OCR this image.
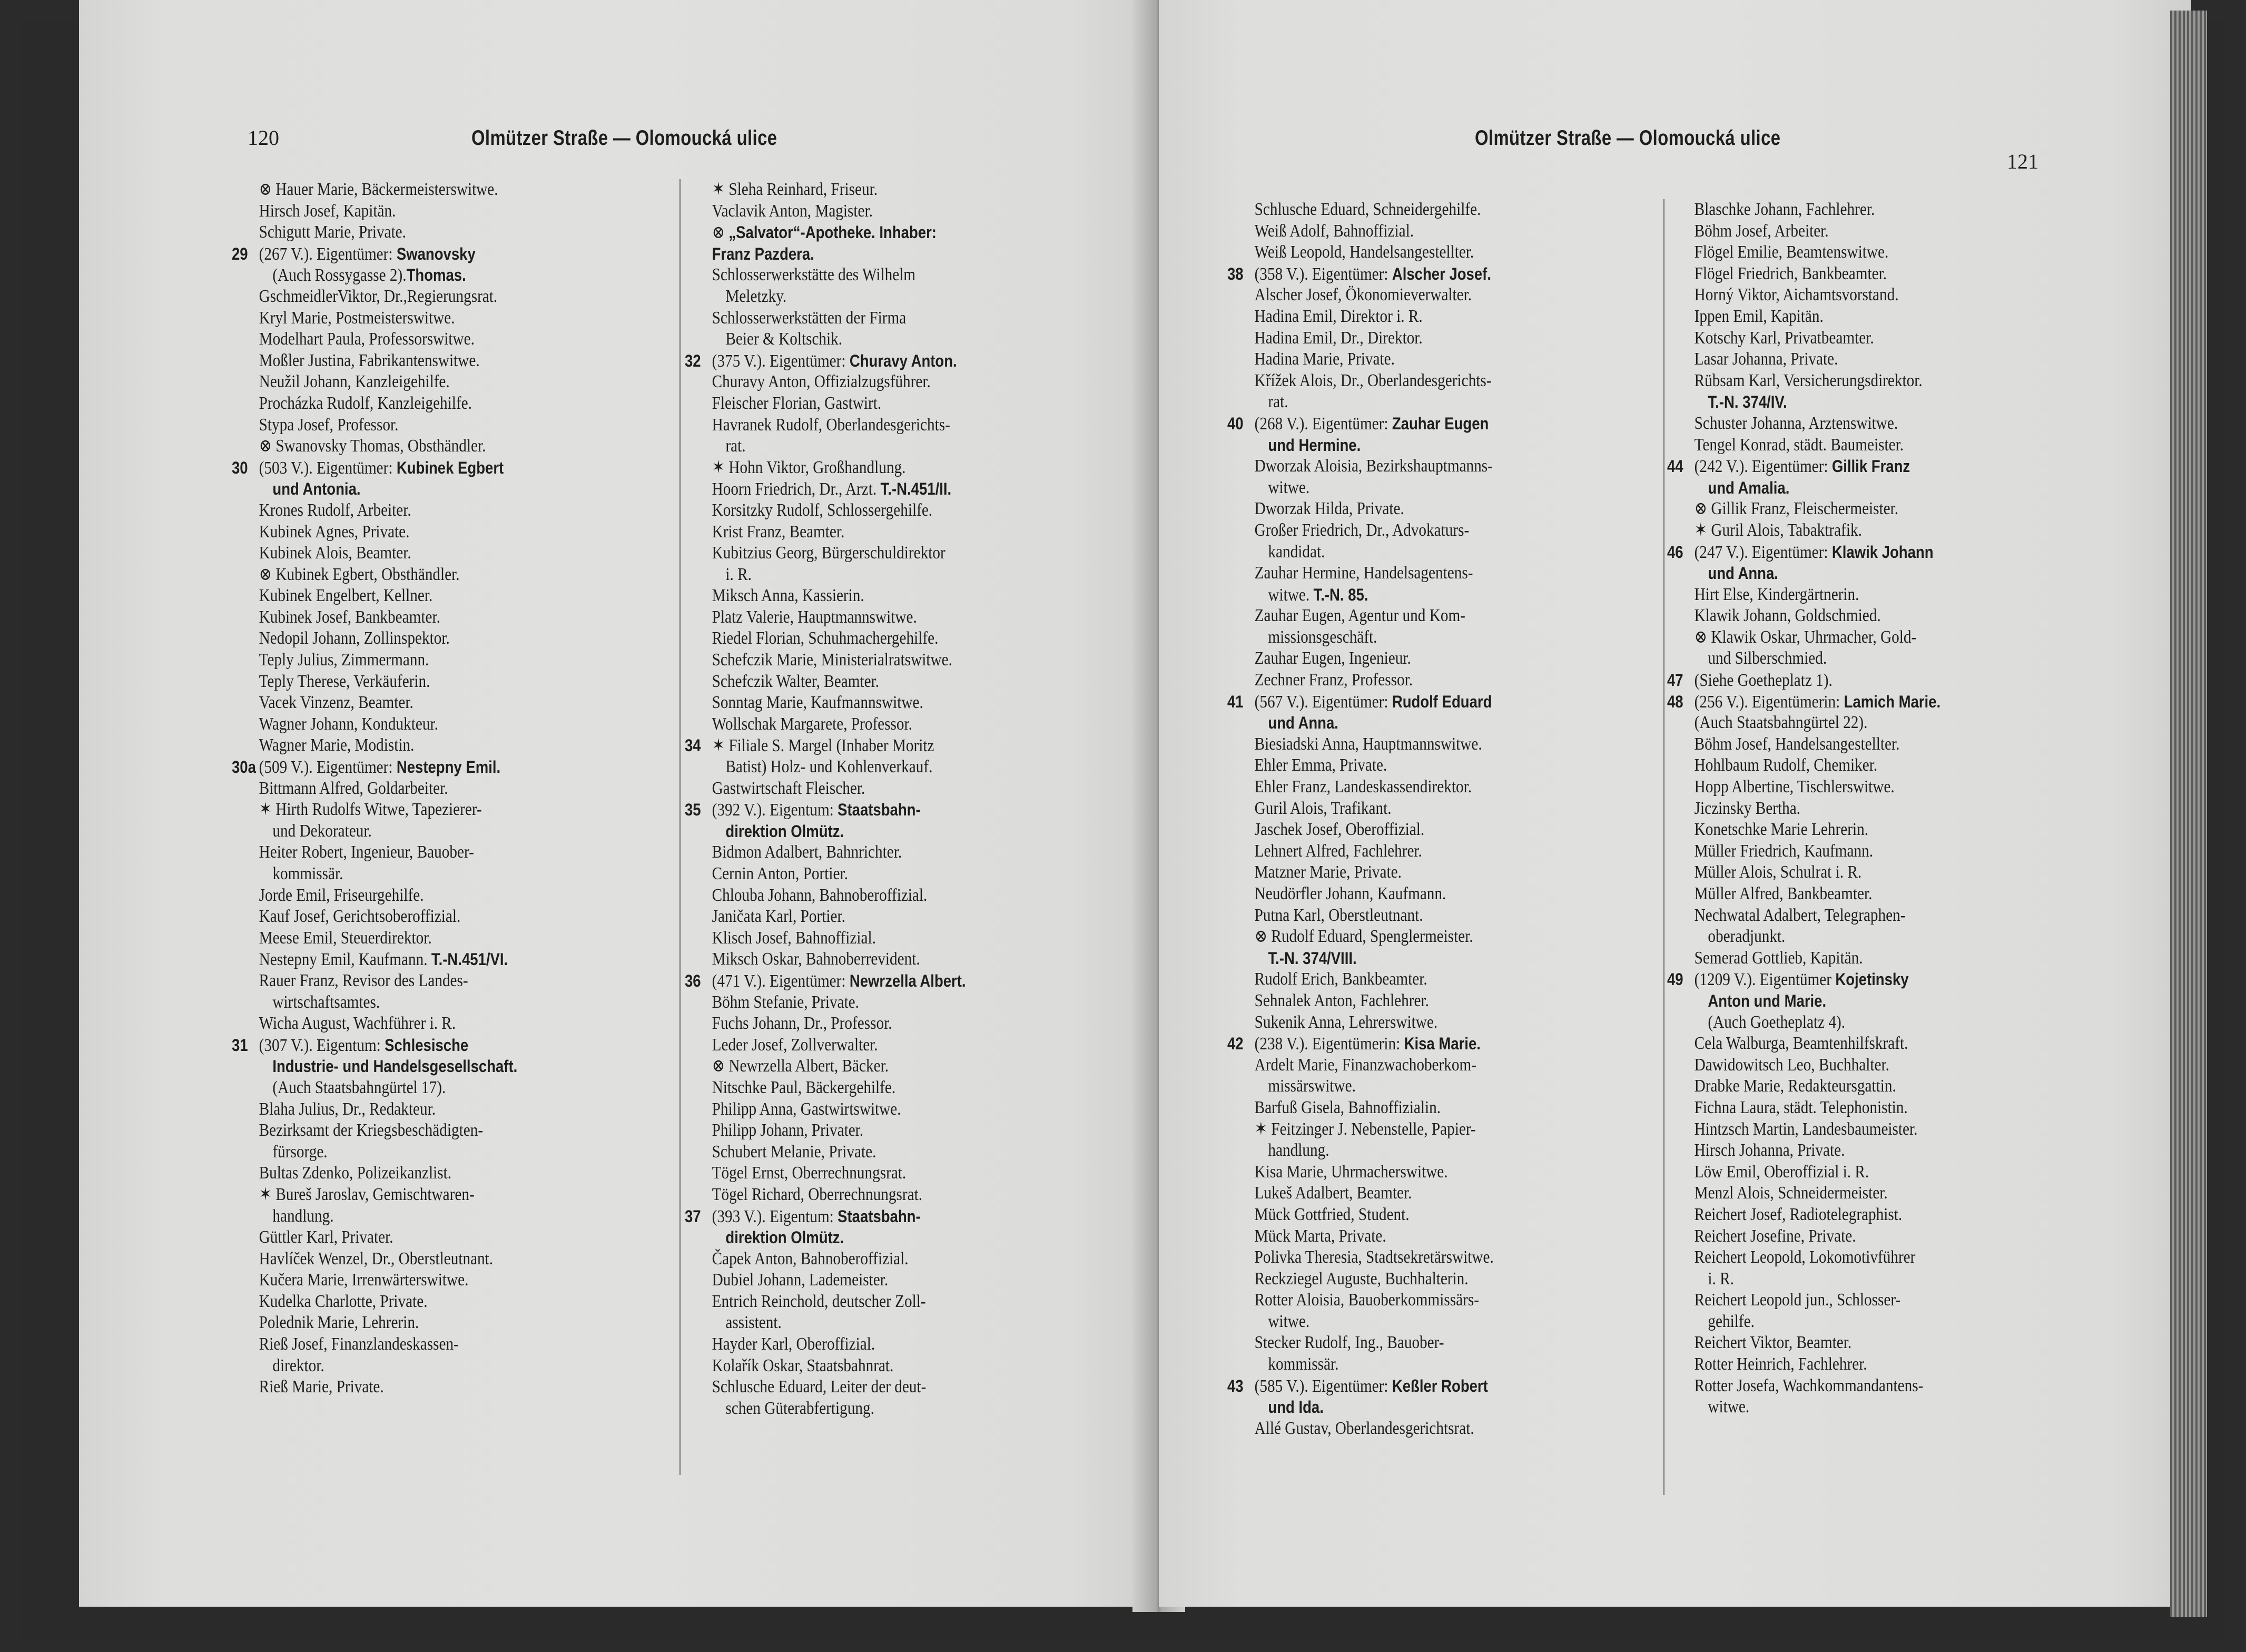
120	Olmützer Straße — Olomoucká ulice
⊗ Hauer Marie, Bäckermeisterswitwe.
Hirsch Josef, Kapitän.
Schigutt Marie, Private.
29 (267 V.). Eigentümer: Swanovsky
(Auch Rossygasse 2).Thomas.
GschmeidlerViktor, Dr.,Regierungsrat.
Kryl Marie, Postmeisterswitwe.
Modelhart Paula, Professorswitwe.
Moßler Justina, Fabrikantenswitwe.
Neužil Johann, Kanzleigehilfe.
Procházka Rudolf, Kanzleigehilfe.
Stypa Josef, Professor.
⊗ Swanovsky Thomas, Obsthändler.
30 (503 V.). Eigentümer: Kubinek Egbert
und Antonia.
Krones Rudolf, Arbeiter.
Kubinek Agnes, Private.
Kubinek Alois, Beamter.
⊗ Kubinek Egbert, Obsthändler.
Kubinek Engelbert, Kellner.
Kubinek Josef, Bankbeamter.
Nedopil Johann, Zollinspektor.
Teply Julius, Zimmermann.
Teply Therese, Verkäuferin.
Vacek Vinzenz, Beamter.
Wagner Johann, Kondukteur.
Wagner Marie, Modistin.
30a (509 V.). Eigentümer: Nestepny Emil.
Bittmann Alfred, Goldarbeiter.
✶ Hirth Rudolfs Witwe, Tapezierer-
und Dekorateur.
Heiter Robert, Ingenieur, Bauober-
kommissär.
Jorde Emil, Friseurgehilfe.
Kauf Josef, Gerichtsoberoffizial.
Meese Emil, Steuerdirektor.
Nestepny Emil, Kaufmann. T.-N.451/VI.
Rauer Franz, Revisor des Landes-
wirtschaftsamtes.
Wicha August, Wachführer i. R.
31 (307 V.). Eigentum: Schlesische
Industrie- und Handelsgesellschaft.
(Auch Staatsbahngürtel 17).
Blaha Julius, Dr., Redakteur.
Bezirksamt der Kriegsbeschädigten-
fürsorge.
Bultas Zdenko, Polizeikanzlist.
✶ Bureš Jaroslav, Gemischtwaren-
handlung.
Güttler Karl, Privater.
Havlíček Wenzel, Dr., Oberstleutnant.
Kučera Marie, Irrenwärterswitwe.
Kudelka Charlotte, Private.
Polednik Marie, Lehrerin.
Rieß Josef, Finanzlandeskassen-
direktor.
Rieß Marie, Private.
✶ Sleha Reinhard, Friseur.
Vaclavik Anton, Magister.
⊗ „Salvator“-Apotheke. Inhaber:
Franz Pazdera.
Schlosserwerkstätte des Wilhelm
Meletzky.
Schlosserwerkstätten der Firma
Beier & Koltschik.
32 (375 V.). Eigentümer: Churavy Anton.
Churavy Anton, Offizialzugsführer.
Fleischer Florian, Gastwirt.
Havranek Rudolf, Oberlandesgerichts-
rat.
✶ Hohn Viktor, Großhandlung.
Hoorn Friedrich, Dr., Arzt. T.-N.451/II.
Korsitzky Rudolf, Schlossergehilfe.
Krist Franz, Beamter.
Kubitzius Georg, Bürgerschuldirektor
i. R.
Miksch Anna, Kassierin.
Platz Valerie, Hauptmannswitwe.
Riedel Florian, Schuhmachergehilfe.
Schefczik Marie, Ministerialratswitwe.
Schefczik Walter, Beamter.
Sonntag Marie, Kaufmannswitwe.
Wollschak Margarete, Professor.
34 ✶ Filiale S. Margel (Inhaber Moritz
Batist) Holz- und Kohlenverkauf.
Gastwirtschaft Fleischer.
35 (392 V.). Eigentum: Staatsbahn-
direktion Olmütz.
Bidmon Adalbert, Bahnrichter.
Cernin Anton, Portier.
Chlouba Johann, Bahnoberoffizial.
Janičata Karl, Portier.
Klisch Josef, Bahnoffizial.
Miksch Oskar, Bahnoberrevident.
36 (471 V.). Eigentümer: Newrzella Albert.
Böhm Stefanie, Private.
Fuchs Johann, Dr., Professor.
Leder Josef, Zollverwalter.
⊗ Newrzella Albert, Bäcker.
Nitschke Paul, Bäckergehilfe.
Philipp Anna, Gastwirtswitwe.
Philipp Johann, Privater.
Schubert Melanie, Private.
Tögel Ernst, Oberrechnungsrat.
Tögel Richard, Oberrechnungsrat.
37 (393 V.). Eigentum: Staatsbahn-
direktion Olmütz.
Čapek Anton, Bahnoberoffizial.
Dubiel Johann, Lademeister.
Entrich Reinchold, deutscher Zoll-
assistent.
Hayder Karl, Oberoffizial.
Kolařík Oskar, Staatsbahnrat.
Schlusche Eduard, Leiter der deut-
schen Güterabfertigung.
Olmützer Straße — Olomoucká ulice
121
Schlusche Eduard, Schneidergehilfe.
Weiß Adolf, Bahnoffizial.
Weiß Leopold, Handelsangestellter.
38 (358 V.). Eigentümer: Alscher Josef.
Alscher Josef, Ökonomieverwalter.
Hadina Emil, Direktor i. R.
Hadina Emil, Dr., Direktor.
Hadina Marie, Private.
Křížek Alois, Dr., Oberlandesgerichts-
rat.
40 (268 V.). Eigentümer: Zauhar Eugen
und Hermine.
Dworzak Aloisia, Bezirkshauptmanns-
witwe.
Dworzak Hilda, Private.
Großer Friedrich, Dr., Advokaturs-
kandidat.
Zauhar Hermine, Handelsagentens-
witwe. T.-N. 85.
Zauhar Eugen, Agentur und Kom-
missionsgeschäft.
Zauhar Eugen, Ingenieur.
Zechner Franz, Professor.
41 (567 V.). Eigentümer: Rudolf Eduard
und Anna.
Biesiadski Anna, Hauptmannswitwe.
Ehler Emma, Private.
Ehler Franz, Landeskassendirektor.
Guril Alois, Trafikant.
Jaschek Josef, Oberoffizial.
Lehnert Alfred, Fachlehrer.
Matzner Marie, Private.
Neudörfler Johann, Kaufmann.
Putna Karl, Oberstleutnant.
⊗ Rudolf Eduard, Spenglermeister.
T.-N. 374/VIII.
Rudolf Erich, Bankbeamter.
Sehnalek Anton, Fachlehrer.
Sukenik Anna, Lehrerswitwe.
42 (238 V.). Eigentümerin: Kisa Marie.
Ardelt Marie, Finanzwachoberkom-
missärswitwe.
Barfuß Gisela, Bahnoffizialin.
✶ Feitzinger J. Nebenstelle, Papier-
handlung.
Kisa Marie, Uhrmacherswitwe.
Lukeš Adalbert, Beamter.
Mück Gottfried, Student.
Mück Marta, Private.
Polivka Theresia, Stadtsekretärswitwe.
Reckziegel Auguste, Buchhalterin.
Rotter Aloisia, Bauoberkommissärs-
witwe.
Stecker Rudolf, Ing., Bauober-
kommissär.
43 (585 V.). Eigentümer: Keßler Robert
und Ida.
Allé Gustav, Oberlandesgerichtsrat.
Blaschke Johann, Fachlehrer.
Böhm Josef, Arbeiter.
Flögel Emilie, Beamtenswitwe.
Flögel Friedrich, Bankbeamter.
Horný Viktor, Aichamtsvorstand.
Ippen Emil, Kapitän.
Kotschy Karl, Privatbeamter.
Lasar Johanna, Private.
Rübsam Karl, Versicherungsdirektor.
T.-N. 374/IV.
Schuster Johanna, Arztenswitwe.
Tengel Konrad, städt. Baumeister.
44 (242 V.). Eigentümer: Gillik Franz
und Amalia.
⊗ Gillik Franz, Fleischermeister.
✶ Guril Alois, Tabaktrafik.
46 (247 V.). Eigentümer: Klawik Johann
und Anna.
Hirt Else, Kindergärtnerin.
Klawik Johann, Goldschmied.
⊗ Klawik Oskar, Uhrmacher, Gold-
und Silberschmied.
47 (Siehe Goetheplatz 1).
48 (256 V.). Eigentümerin: Lamich Marie.
(Auch Staatsbahngürtel 22).
Böhm Josef, Handelsangestellter.
Hohlbaum Rudolf, Chemiker.
Hopp Albertine, Tischlerswitwe.
Jiczinsky Bertha.
Konetschke Marie Lehrerin.
Müller Friedrich, Kaufmann.
Müller Alois, Schulrat i. R.
Müller Alfred, Bankbeamter.
Nechwatal Adalbert, Telegraphen-
oberadjunkt.
Semerad Gottlieb, Kapitän.
49 (1209 V.). Eigentümer Kojetinsky
Anton und Marie.
(Auch Goetheplatz 4).
Cela Walburga, Beamtenhilfskraft.
Dawidowitsch Leo, Buchhalter.
Drabke Marie, Redakteursgattin.
Fichna Laura, städt. Telephonistin.
Hintzsch Martin, Landesbaumeister.
Hirsch Johanna, Private.
Löw Emil, Oberoffizial i. R.
Menzl Alois, Schneidermeister.
Reichert Josef, Radiotelegraphist.
Reichert Josefine, Private.
Reichert Leopold, Lokomotivführer
i. R.
Reichert Leopold jun., Schlosser-
gehilfe.
Reichert Viktor, Beamter.
Rotter Heinrich, Fachlehrer.
Rotter Josefa, Wachkommandantens-
witwe.
